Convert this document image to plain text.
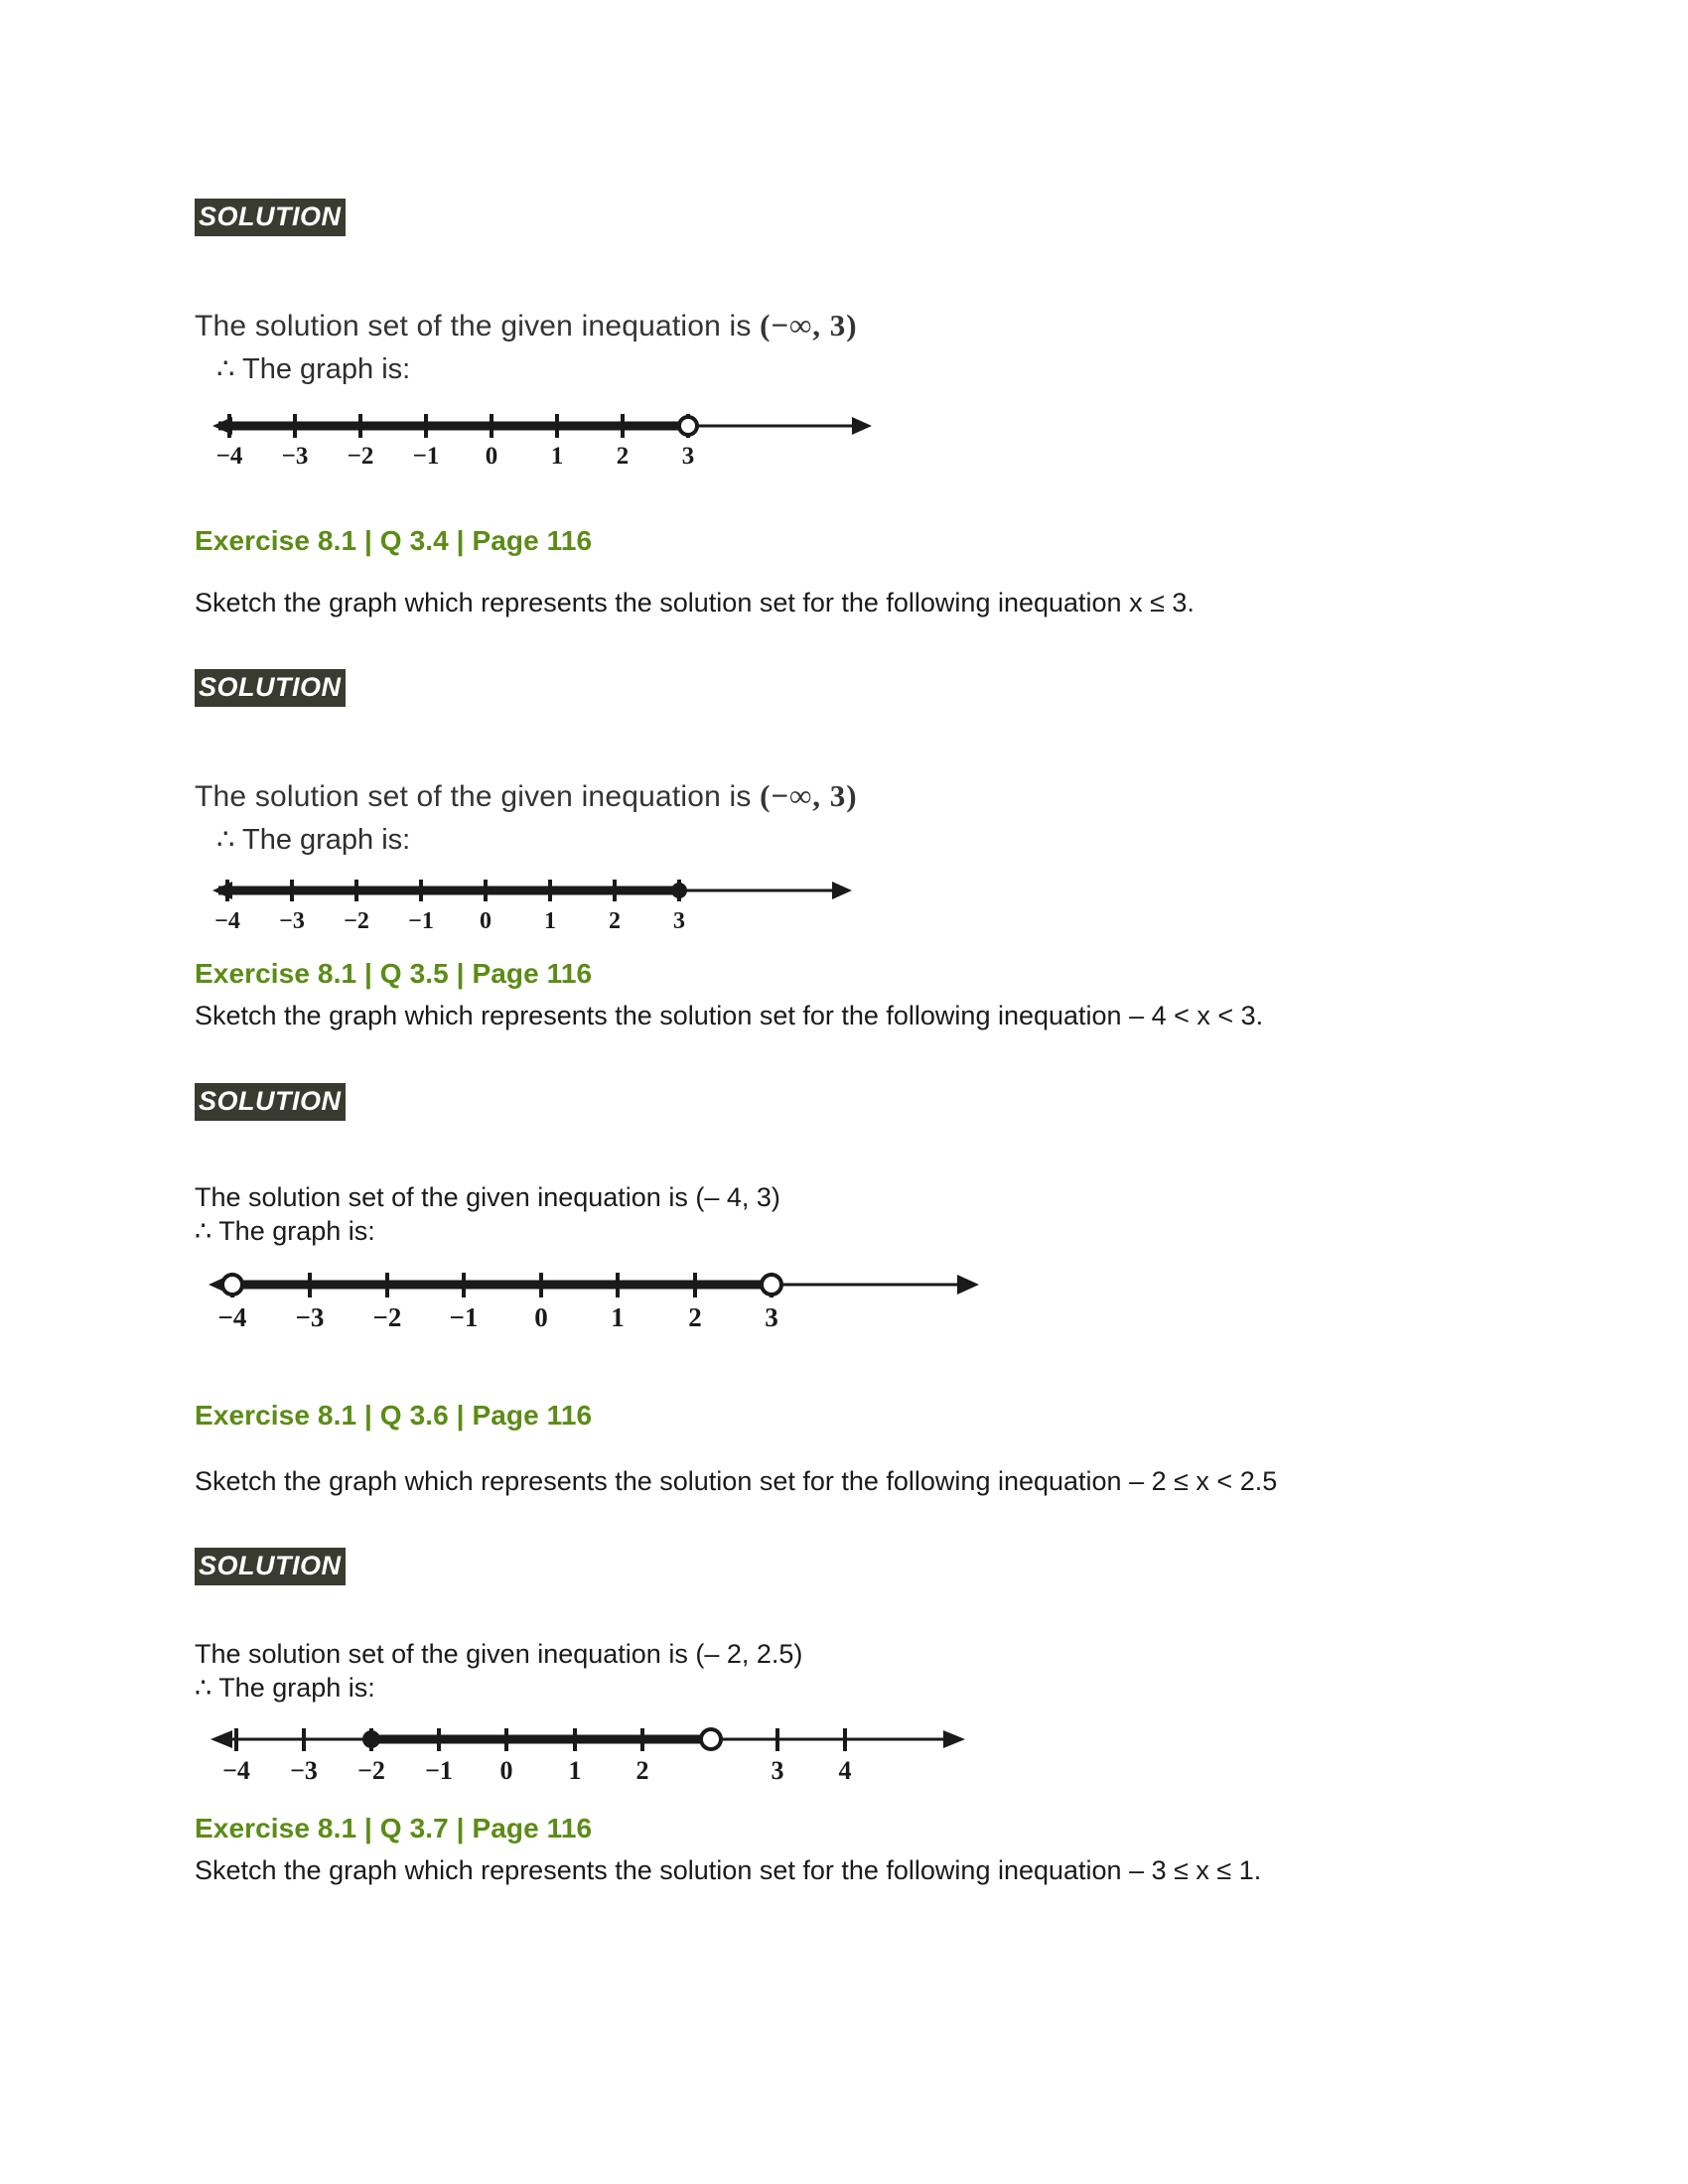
SOLUTION
The solution set of the given inequation is (−∞, 3)
∴ The graph is:
−4 −3 −2 −1 0 1 2 3
Exercise 8.1 | Q 3.4 | Page 116
Sketch the graph which represents the solution set for the following inequation x ≤ 3.
SOLUTION
The solution set of the given inequation is (−∞, 3)
∴ The graph is:
−4 −3 −2 −1 0 1 2 3
Exercise 8.1 | Q 3.5 | Page 116
Sketch the graph which represents the solution set for the following inequation – 4 < x < 3.
SOLUTION
The solution set of the given inequation is (– 4, 3)
∴ The graph is:
−4 −3 −2 −1 0 1 2 3
Exercise 8.1 | Q 3.6 | Page 116
Sketch the graph which represents the solution set for the following inequation – 2 ≤ x < 2.5
SOLUTION
The solution set of the given inequation is (– 2, 2.5)
∴ The graph is:
−4 −3 −2 −1 0 1 2	3 4
Exercise 8.1 | Q 3.7 | Page 116
Sketch the graph which represents the solution set for the following inequation – 3 ≤ x ≤ 1.
